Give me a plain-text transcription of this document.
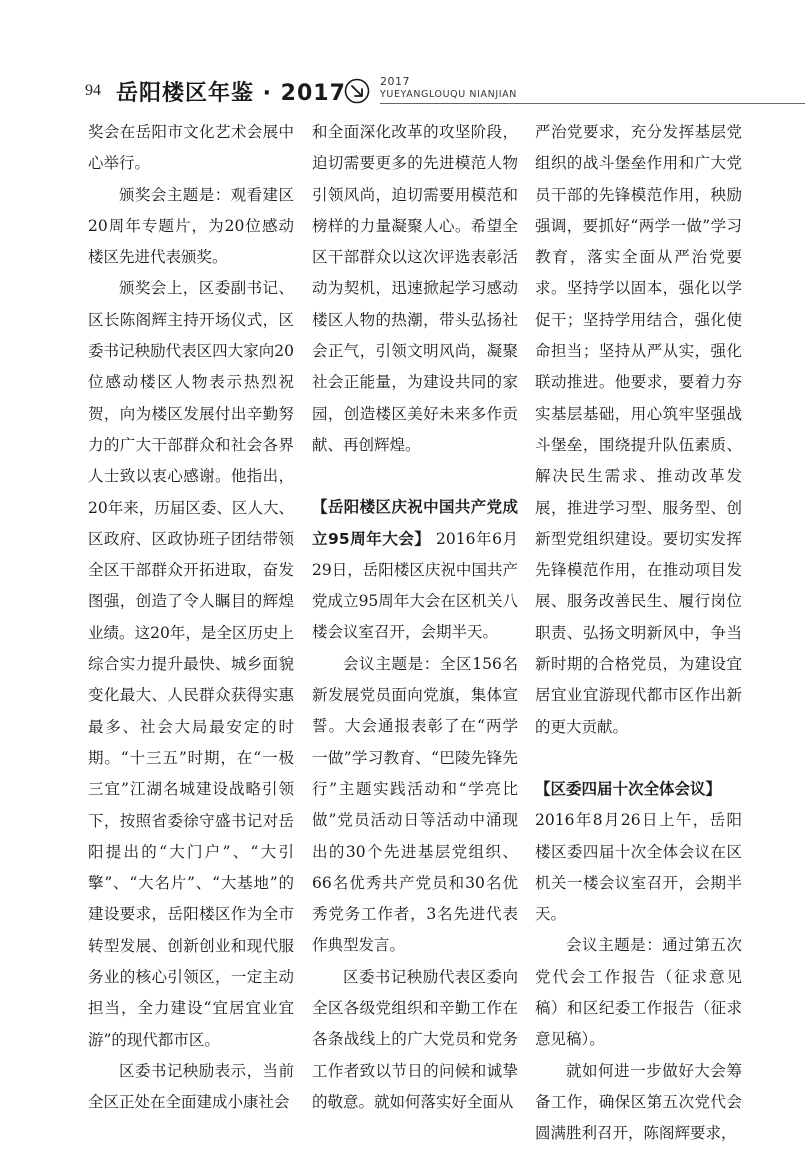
94 岳阳楼区年鉴 · 2017	2017
YUEYANGLOUQU NIANJIAN

奖会在岳阳市文化艺术会展中心举行。

颁奖会主题是：观看建区20周年专题片，为20位感动楼区先进代表颁奖。

颁奖会上，区委副书记、区长陈阁辉主持开场仪式，区委书记秧励代表区四大家向20位感动楼区人物表示热烈祝贺，向为楼区发展付出辛勤努力的广大干部群众和社会各界人士致以衷心感谢。他指出，20年来，历届区委、区人大、区政府、区政协班子团结带领全区干部群众开拓进取，奋发图强，创造了令人瞩目的辉煌业绩。这20年，是全区历史上综合实力提升最快、城乡面貌变化最大、人民群众获得实惠最多、社会大局最安定的时期。“十三五”时期，在“一极三宜”江湖名城建设战略引领下，按照省委徐守盛书记对岳阳提出的“大门户”、“大引擎”、“大名片”、“大基地”的建设要求，岳阳楼区作为全市转型发展、创新创业和现代服务业的核心引领区，一定主动担当，全力建设“宜居宜业宜游”的现代都市区。

区委书记秧励表示，当前全区正处在全面建成小康社会

和全面深化改革的攻坚阶段，迫切需要更多的先进模范人物引领风尚，迫切需要用模范和榜样的力量凝聚人心。希望全区干部群众以这次评选表彰活动为契机，迅速掀起学习感动楼区人物的热潮，带头弘扬社会正气，引领文明风尚，凝聚社会正能量，为建设共同的家园，创造楼区美好未来多作贡献、再创辉煌。

【岳阳楼区庆祝中国共产党成立95周年大会】 2016年6月29日，岳阳楼区庆祝中国共产党成立95周年大会在区机关八楼会议室召开，会期半天。

会议主题是：全区156名新发展党员面向党旗，集体宣誓。大会通报表彰了在“两学一做”学习教育、“巴陵先锋先行”主题实践活动和“学亮比做”党员活动日等活动中涌现出的30个先进基层党组织、66名优秀共产党员和30名优秀党务工作者，3名先进代表作典型发言。

区委书记秧励代表区委向全区各级党组织和辛勤工作在各条战线上的广大党员和党务工作者致以节日的问候和诚挚的敬意。就如何落实好全面从

严治党要求，充分发挥基层党组织的战斗堡垒作用和广大党员干部的先锋模范作用，秧励强调，要抓好“两学一做”学习教育，落实全面从严治党要求。坚持学以固本，强化以学促干；坚持学用结合，强化使命担当；坚持从严从实，强化联动推进。他要求，要着力夯实基层基础，用心筑牢坚强战斗堡垒，围绕提升队伍素质、解决民生需求、推动改革发展，推进学习型、服务型、创新型党组织建设。要切实发挥先锋模范作用，在推动项目发展、服务改善民生、履行岗位职责、弘扬文明新风中，争当新时期的合格党员，为建设宜居宜业宜游现代都市区作出新的更大贡献。

【区委四届十次全体会议】

2016年8月26日上午，岳阳楼区委四届十次全体会议在区机关一楼会议室召开，会期半天。

会议主题是：通过第五次党代会工作报告（征求意见稿）和区纪委工作报告（征求意见稿）。

就如何进一步做好大会筹备工作，确保区第五次党代会圆满胜利召开，陈阁辉要求，
